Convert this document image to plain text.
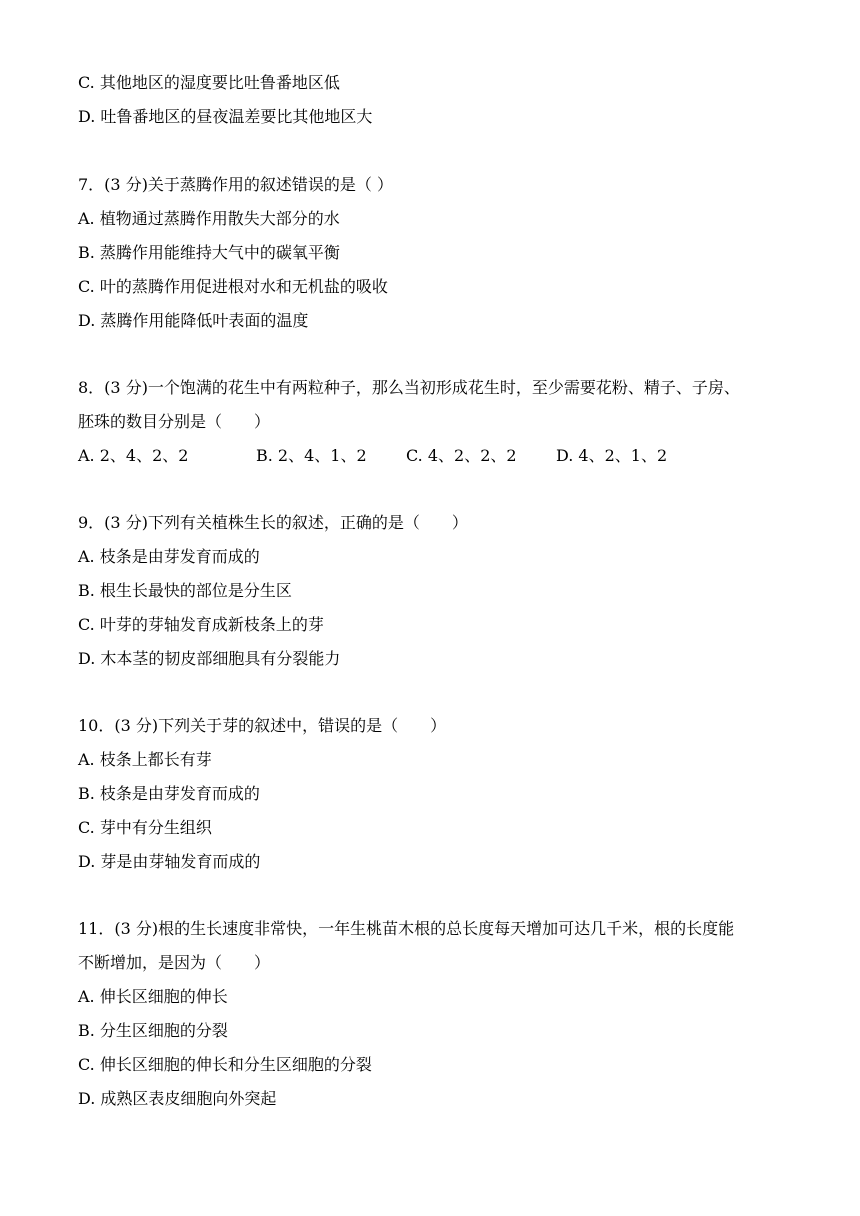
C. 其他地区的湿度要比吐鲁番地区低
D. 吐鲁番地区的昼夜温差要比其他地区大
7．(3 分)关于蒸腾作用的叙述错误的是（ ）
A. 植物通过蒸腾作用散失大部分的水
B. 蒸腾作用能维持大气中的碳氧平衡
C. 叶的蒸腾作用促进根对水和无机盐的吸收
D. 蒸腾作用能降低叶表面的温度
8．(3 分)一个饱满的花生中有两粒种子，那么当初形成花生时，至少需要花粉、精子、子房、
胚珠的数目分别是（　　）
A. 2、4、2、2	B. 2、4、1、2 C. 4、2、2、2 D. 4、2、1、2
9．(3 分)下列有关植株生长的叙述，正确的是（　　）
A. 枝条是由芽发育而成的
B. 根生长最快的部位是分生区
C. 叶芽的芽轴发育成新枝条上的芽
D. 木本茎的韧皮部细胞具有分裂能力
10．(3 分)下列关于芽的叙述中，错误的是（　　）
A. 枝条上都长有芽
B. 枝条是由芽发育而成的
C. 芽中有分生组织
D. 芽是由芽轴发育而成的
11．(3 分)根的生长速度非常快，一年生桃苗木根的总长度每天增加可达几千米，根的长度能
不断增加，是因为（　　）
A. 伸长区细胞的伸长
B. 分生区细胞的分裂
C. 伸长区细胞的伸长和分生区细胞的分裂
D. 成熟区表皮细胞向外突起
